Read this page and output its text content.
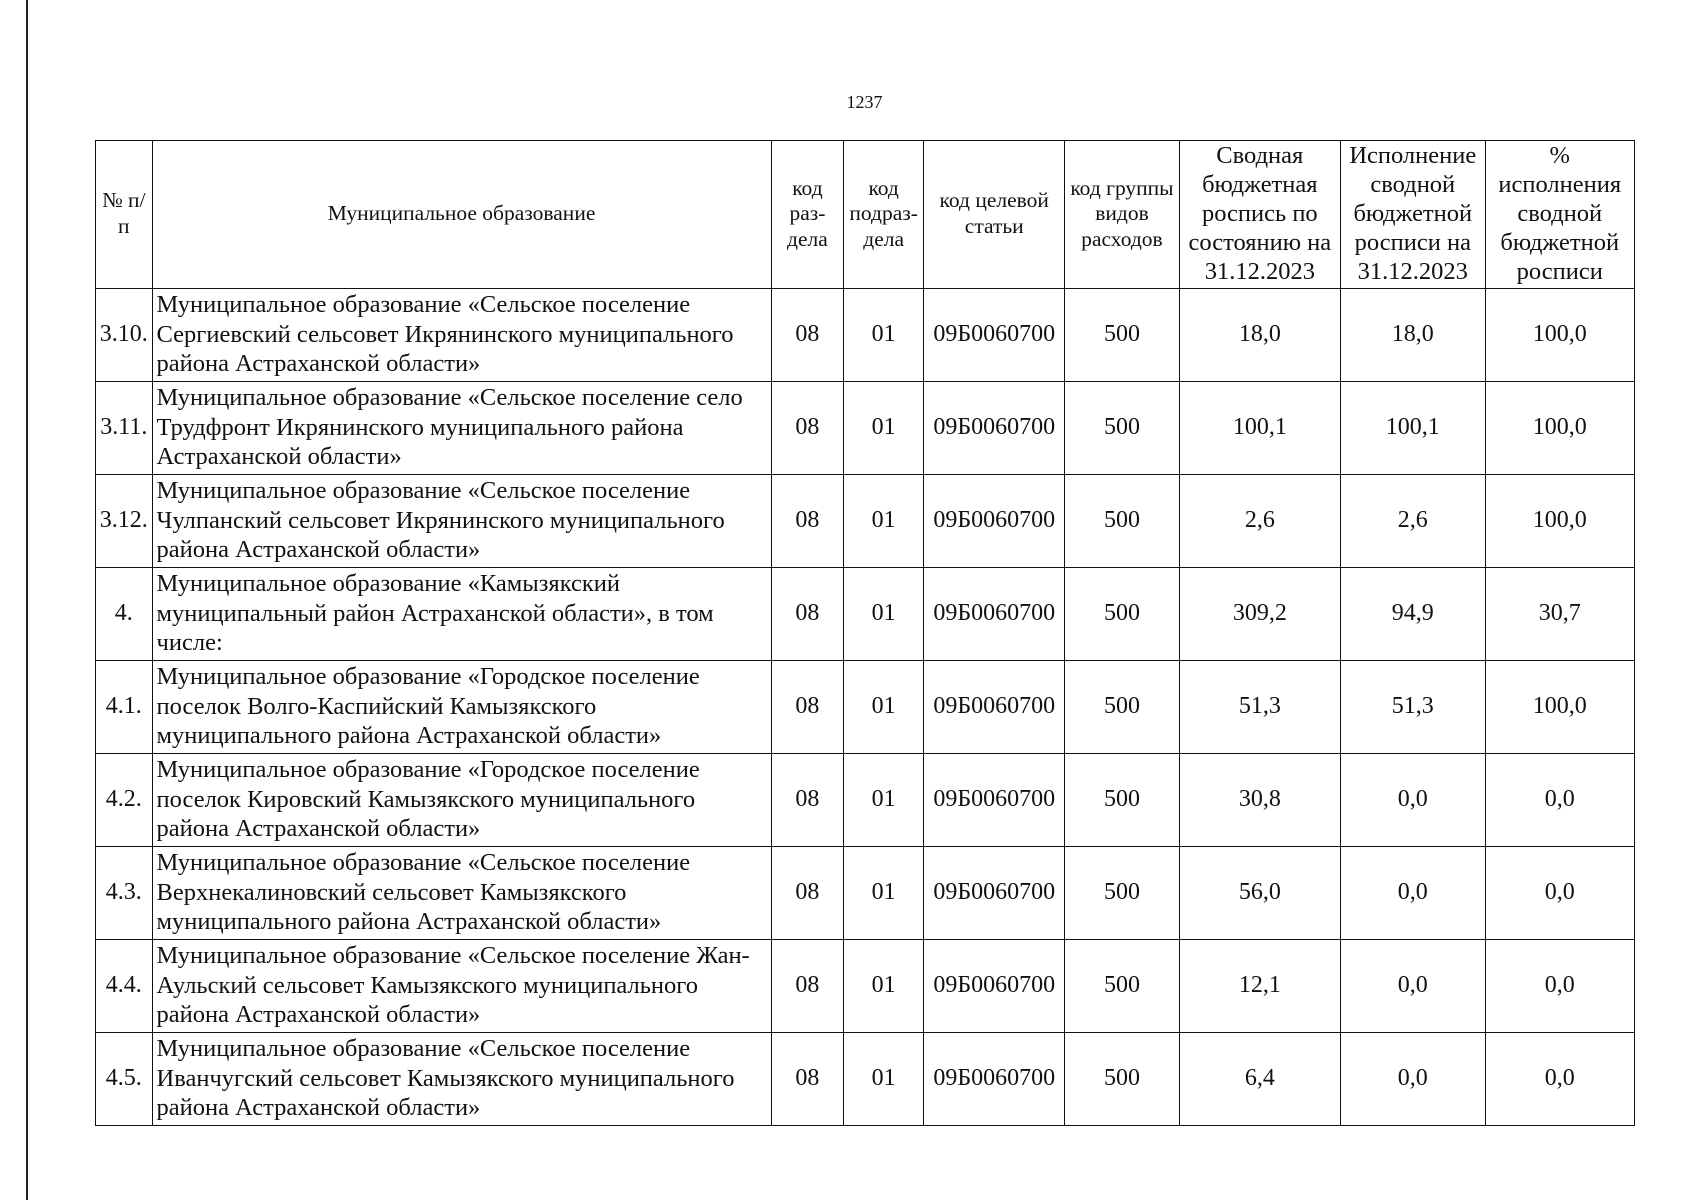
1237
№ п/п	Муниципальное образование	код раз-дела	код подраз-дела	код целевой статьи	код группы видов расходов	Сводная бюджетная роспись по состоянию на 31.12.2023	Исполнение сводной бюджетной росписи на 31.12.2023	% исполнения сводной бюджетной росписи
3.10.	Муниципальное образование «Сельское поселение Сергиевский сельсовет Икрянинского муниципального района Астраханской области»	08	01	09Б0060700	500	18,0	18,0	100,0
3.11.	Муниципальное образование «Сельское поселение село Трудфронт Икрянинского муниципального района Астраханской области»	08	01	09Б0060700	500	100,1	100,1	100,0
3.12.	Муниципальное образование «Сельское поселение Чулпанский сельсовет Икрянинского муниципального района Астраханской области»	08	01	09Б0060700	500	2,6	2,6	100,0
4.	Муниципальное образование «Камызякский муниципальный район Астраханской области», в том числе:	08	01	09Б0060700	500	309,2	94,9	30,7
4.1.	Муниципальное образование «Городское поселение поселок Волго-Каспийский Камызякского муниципального района Астраханской области»	08	01	09Б0060700	500	51,3	51,3	100,0
4.2.	Муниципальное образование «Городское поселение поселок Кировский Камызякского муниципального района Астраханской области»	08	01	09Б0060700	500	30,8	0,0	0,0
4.3.	Муниципальное образование «Сельское поселение Верхнекалиновский сельсовет Камызякского муниципального района Астраханской области»	08	01	09Б0060700	500	56,0	0,0	0,0
4.4.	Муниципальное образование «Сельское поселение Жан-Аульский сельсовет Камызякского муниципального района Астраханской области»	08	01	09Б0060700	500	12,1	0,0	0,0
4.5.	Муниципальное образование «Сельское поселение Иванчугский сельсовет Камызякского муниципального района Астраханской области»	08	01	09Б0060700	500	6,4	0,0	0,0
